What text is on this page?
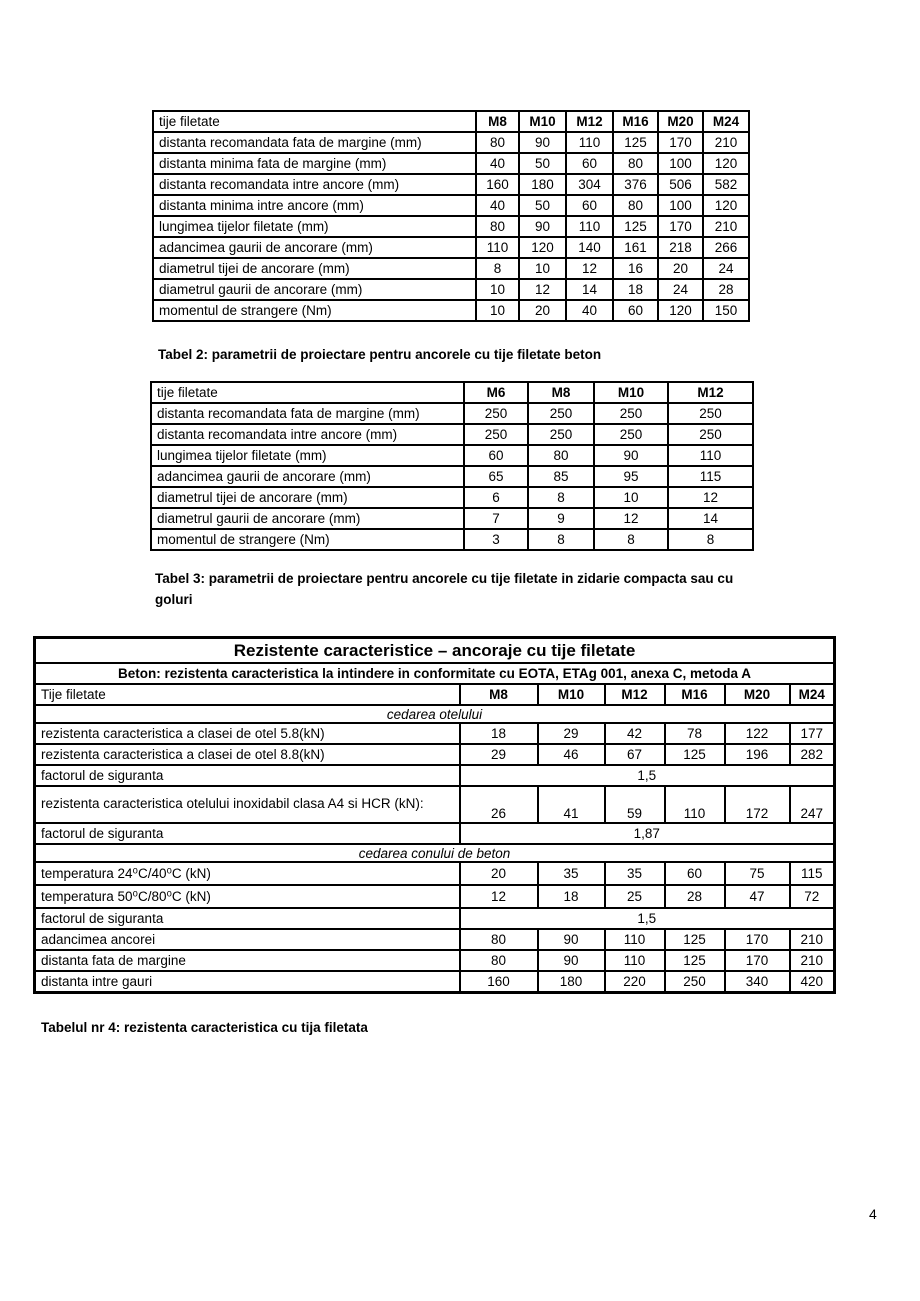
tije filetate	M8	M10	M12	M16	M20	M24
distanta recomandata fata de margine (mm)	80	90	110	125	170	210
distanta minima fata de margine (mm)	40	50	60	80	100	120
distanta recomandata intre ancore (mm)	160	180	304	376	506	582
distanta minima intre ancore (mm)	40	50	60	80	100	120
lungimea tijelor filetate (mm)	80	90	110	125	170	210
adancimea gaurii de ancorare (mm)	110	120	140	161	218	266
diametrul tijei de ancorare (mm)	8	10	12	16	20	24
diametrul gaurii de ancorare (mm)	10	12	14	18	24	28
momentul de strangere (Nm)	10	20	40	60	120	150
Tabel 2: parametrii de proiectare pentru ancorele cu tije filetate beton
tije filetate	M6	M8	M10	M12
distanta recomandata fata de margine (mm)	250	250	250	250
distanta recomandata intre ancore (mm)	250	250	250	250
lungimea tijelor filetate (mm)	60	80	90	110
adancimea gaurii de ancorare (mm)	65	85	95	115
diametrul tijei de ancorare (mm)	6	8	10	12
diametrul gaurii de ancorare (mm)	7	9	12	14
momentul de strangere (Nm)	3	8	8	8
Tabel 3: parametrii de proiectare pentru ancorele cu tije filetate in zidarie compacta sau cu goluri
Rezistente caracteristice – ancoraje cu tije filetate						
Beton: rezistenta caracteristica la intindere in conformitate cu EOTA, ETAg 001, anexa C, metoda A						
Tije filetate	M8	M10	M12	M16	M20	M24
cedarea otelului						
rezistenta caracteristica a clasei de otel 5.8(kN)	18	29	42	78	122	177
rezistenta caracteristica a clasei de otel 8.8(kN)	29	46	67	125	196	282
factorul de siguranta	1,5					
rezistenta caracteristica otelului inoxidabil clasa A4 si HCR (kN):	26	41	59	110	172	247
factorul de siguranta	1,87					
cedarea conului de beton						
temperatura 24⁰C/40⁰C (kN)	20	35	35	60	75	115
temperatura 50⁰C/80⁰C (kN)	12	18	25	28	47	72
factorul de siguranta	1,5					
adancimea ancorei	80	90	110	125	170	210
distanta fata de margine	80	90	110	125	170	210
distanta intre gauri	160	180	220	250	340	420
Tabelul nr 4: rezistenta caracteristica cu tija filetata
4
